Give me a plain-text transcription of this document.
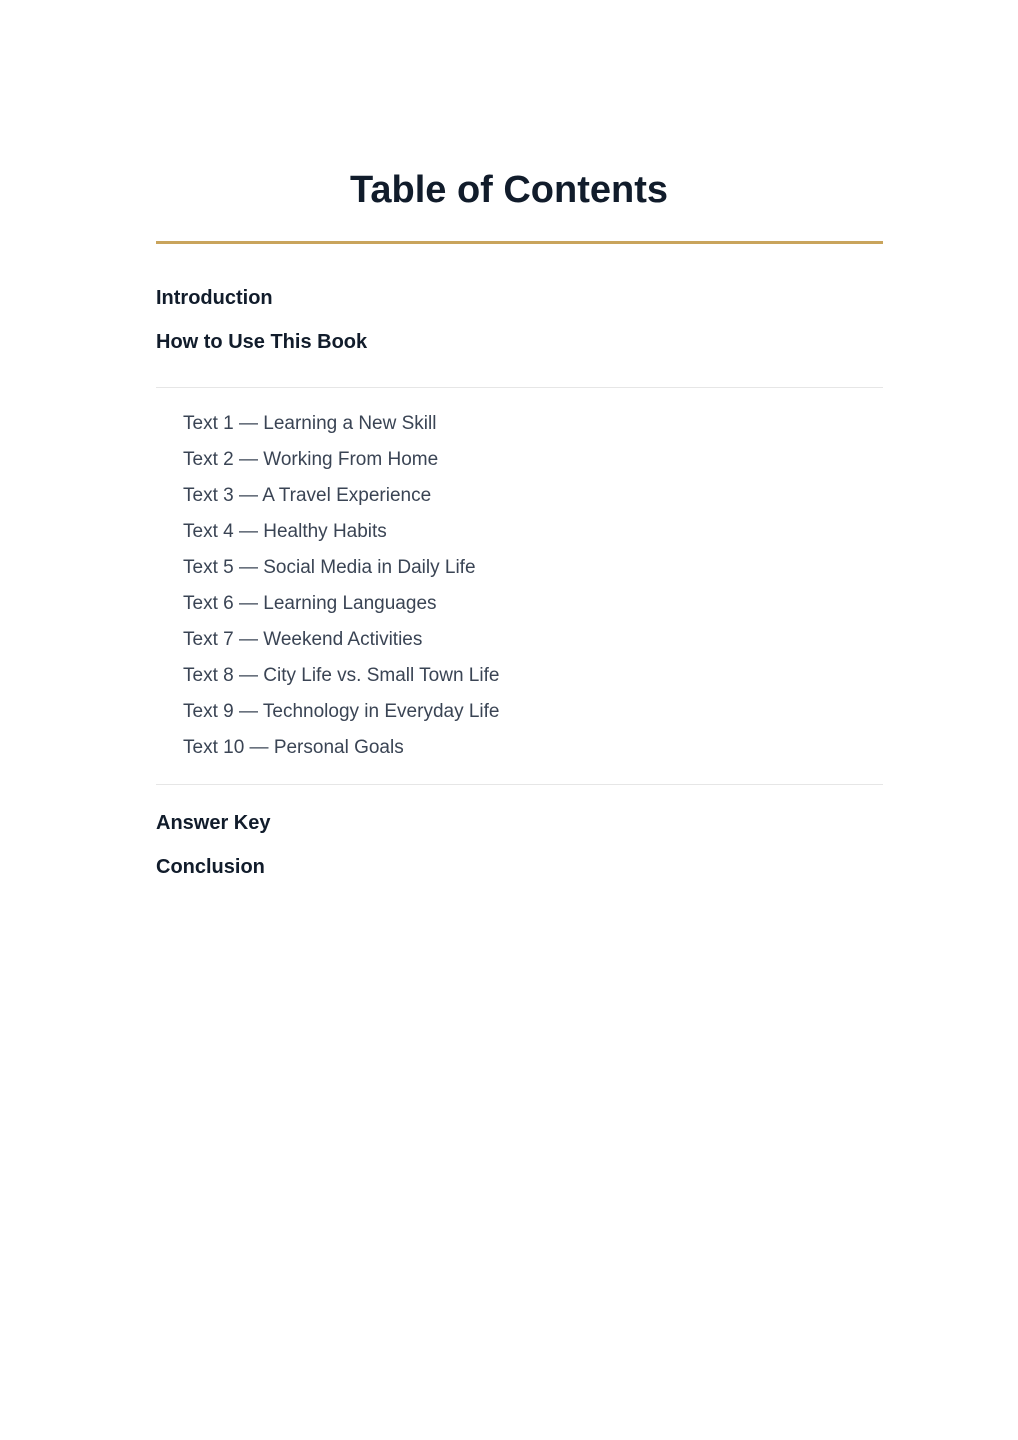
Table of Contents
Introduction
How to Use This Book
Text 1 — Learning a New Skill
Text 2 — Working From Home
Text 3 — A Travel Experience
Text 4 — Healthy Habits
Text 5 — Social Media in Daily Life
Text 6 — Learning Languages
Text 7 — Weekend Activities
Text 8 — City Life vs. Small Town Life
Text 9 — Technology in Everyday Life
Text 10 — Personal Goals
Answer Key
Conclusion
